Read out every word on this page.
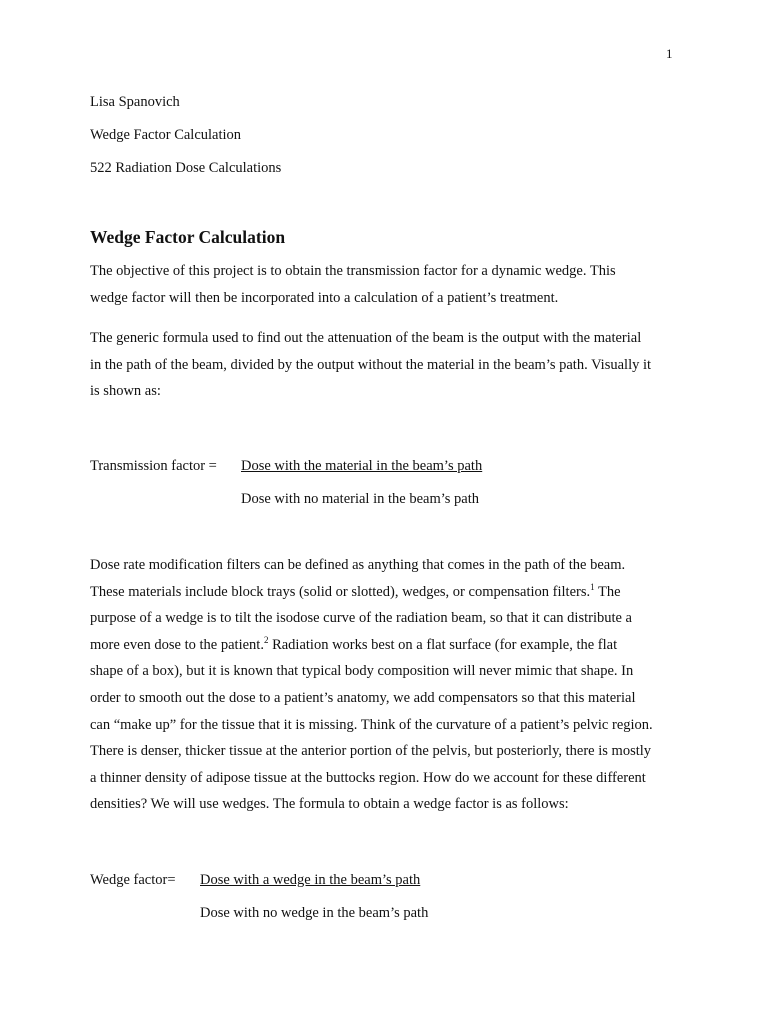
1
Lisa Spanovich
Wedge Factor Calculation
522 Radiation Dose Calculations
Wedge Factor Calculation

The objective of this project is to obtain the transmission factor for a dynamic wedge. This

wedge factor will then be incorporated into a calculation of a patient’s treatment.

The generic formula used to find out the attenuation of the beam is the output with the material

in the path of the beam, divided by the output without the material in the beam’s path. Visually it

is shown as:

Transmission factor = Dose with the material in the beam’s path
Dose with no material in the beam’s path

Dose rate modification filters can be defined as anything that comes in the path of the beam.

These materials include block trays (solid or slotted), wedges, or compensation filters.$^1$ The

purpose of a wedge is to tilt the isodose curve of the radiation beam, so that it can distribute a

more even dose to the patient.$^2$ Radiation works best on a flat surface (for example, the flat

shape of a box), but it is known that typical body composition will never mimic that shape. In

order to smooth out the dose to a patient’s anatomy, we add compensators so that this material

can “make up” for the tissue that it is missing. Think of the curvature of a patient’s pelvic region.

There is denser, thicker tissue at the anterior portion of the pelvis, but posteriorly, there is mostly

a thinner density of adipose tissue at the buttocks region. How do we account for these different

densities? We will use wedges. The formula to obtain a wedge factor is as follows:

Wedge factor= Dose with a wedge in the beam’s path
Dose with no wedge in the beam’s path
